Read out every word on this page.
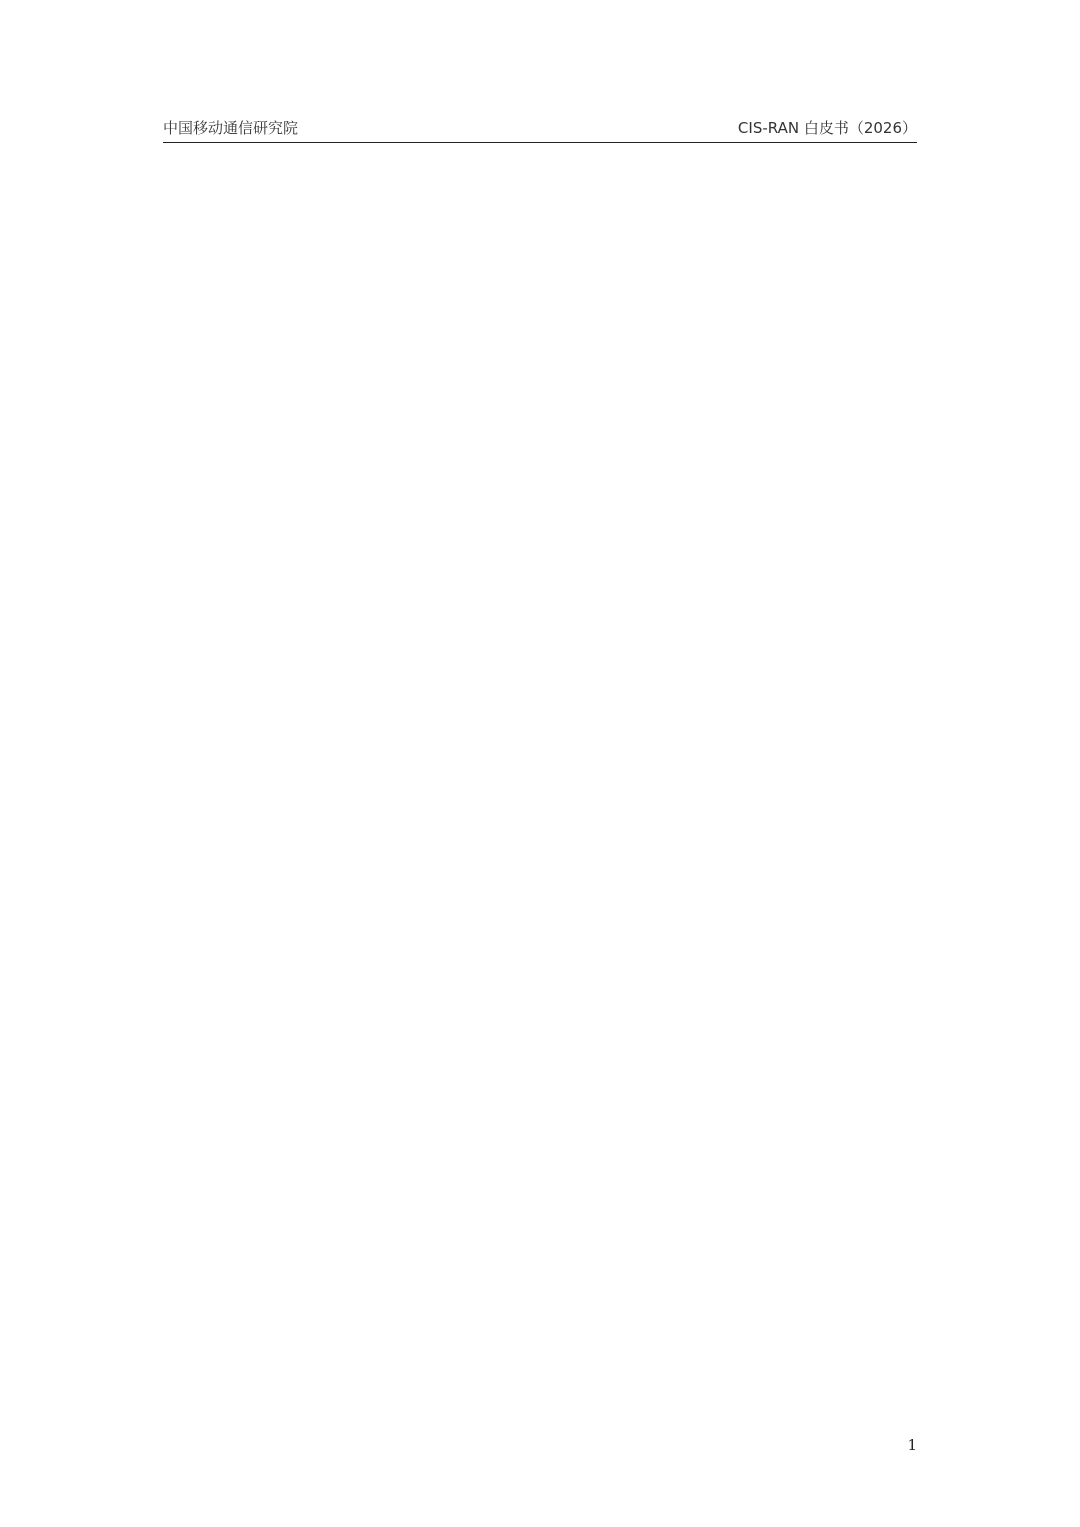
中国移动通信研究院	CIS-RAN 白皮书（2026）
1
